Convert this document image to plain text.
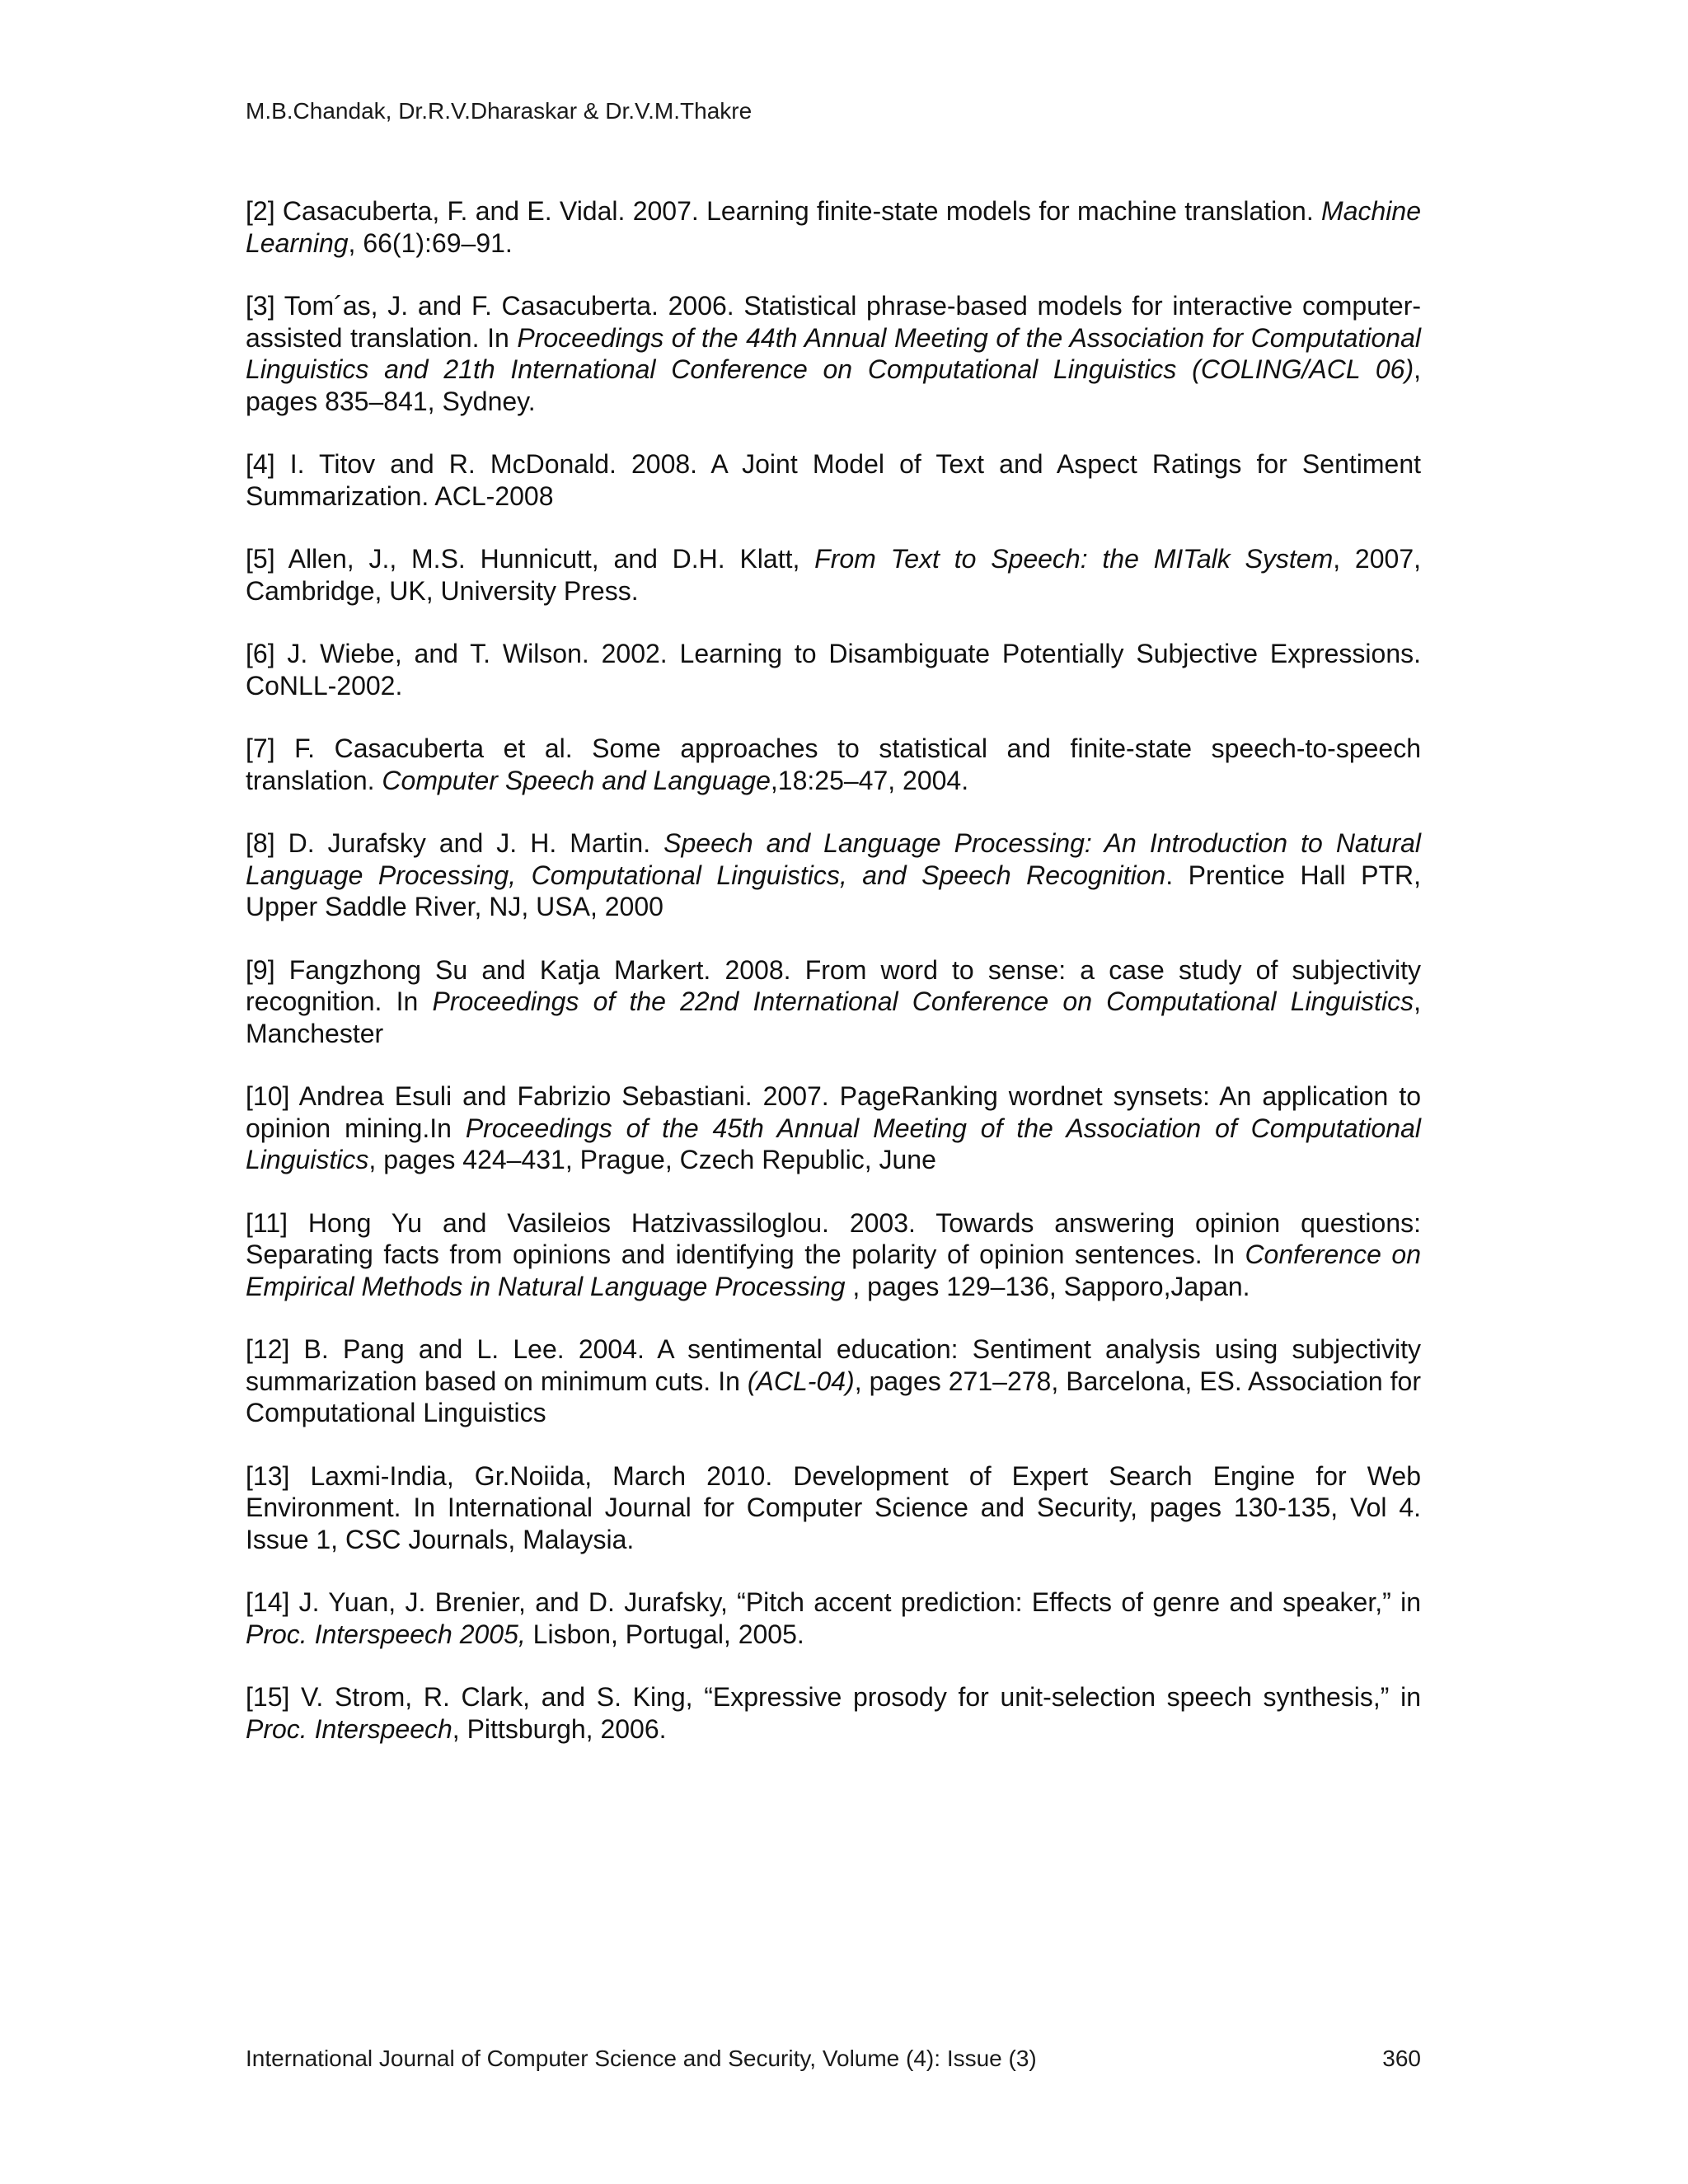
M.B.Chandak, Dr.R.V.Dharaskar & Dr.V.M.Thakre

[2] Casacuberta, F. and E. Vidal. 2007. Learning finite-state models for machine translation. Machine Learning, 66(1):69–91.

[3] Tom´as, J. and F. Casacuberta. 2006. Statistical phrase-based models for interactive computer-assisted translation. In Proceedings of the 44th Annual Meeting of the Association for Computational Linguistics and 21th International Conference on Computational Linguistics (COLING/ACL 06), pages 835–841, Sydney.

[4] I. Titov and R. McDonald. 2008. A Joint Model of Text and Aspect Ratings for Sentiment Summarization. ACL-2008

[5] Allen, J., M.S. Hunnicutt, and D.H. Klatt, From Text to Speech: the MITalk System, 2007, Cambridge, UK, University Press.

[6] J. Wiebe, and T. Wilson. 2002. Learning to Disambiguate Potentially Subjective Expressions. CoNLL-2002.

[7] F. Casacuberta et al. Some approaches to statistical and finite-state speech-to-speech translation. Computer Speech and Language,18:25–47, 2004.

[8] D. Jurafsky and J. H. Martin. Speech and Language Processing: An Introduction to Natural Language Processing, Computational Linguistics, and Speech Recognition. Prentice Hall PTR, Upper Saddle River, NJ, USA, 2000

[9] Fangzhong Su and Katja Markert. 2008. From word to sense: a case study of subjectivity recognition. In Proceedings of the 22nd International Conference on Computational Linguistics, Manchester

[10] Andrea Esuli and Fabrizio Sebastiani. 2007. PageRanking wordnet synsets: An application to opinion mining.In Proceedings of the 45th Annual Meeting of the Association of Computational Linguistics, pages 424–431, Prague, Czech Republic, June

[11] Hong Yu and Vasileios Hatzivassiloglou. 2003. Towards answering opinion questions: Separating facts from opinions and identifying the polarity of opinion sentences. In Conference on Empirical Methods in Natural Language Processing , pages 129–136, Sapporo,Japan.

[12] B. Pang and L. Lee. 2004. A sentimental education: Sentiment analysis using subjectivity summarization based on minimum cuts. In (ACL-04), pages 271–278, Barcelona, ES. Association for Computational Linguistics

[13] Laxmi-India, Gr.Noiida, March 2010. Development of Expert Search Engine for Web Environment. In International Journal for Computer Science and Security, pages 130-135, Vol 4. Issue 1, CSC Journals, Malaysia.

[14] J. Yuan, J. Brenier, and D. Jurafsky, “Pitch accent prediction: Effects of genre and speaker,” in Proc. Interspeech 2005, Lisbon, Portugal, 2005.

[15] V. Strom, R. Clark, and S. King, “Expressive prosody for unit-selection speech synthesis,” in Proc. Interspeech, Pittsburgh, 2006.

International Journal of Computer Science and Security, Volume (4): Issue (3)	360
